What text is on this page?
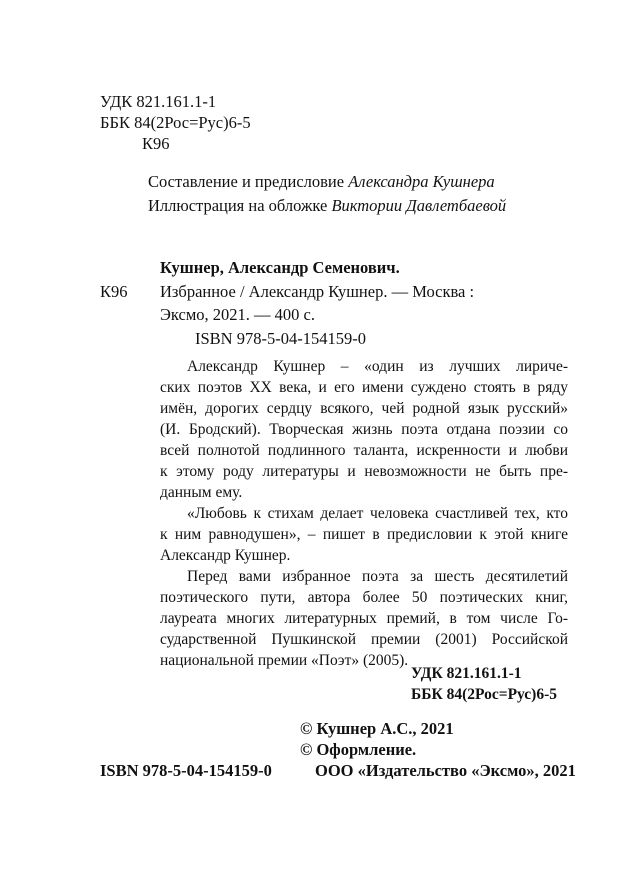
УДК 821.161.1-1
ББК 84(2Рос=Рус)6-5
К96
Составление и предисловие Александра Кушнера
Иллюстрация на обложке Виктории Давлетбаевой
Кушнер, Александр Семенович.
К96 Избранное / Александр Кушнер. — Москва :
Эксмо, 2021. — 400 с.
ISBN 978-5-04-154159-0
Александр Кушнер – «один из лучших лириче-
ских поэтов XX века, и его имени суждено стоять в ряду
имён, дорогих сердцу всякого, чей родной язык русский»
(И. Бродский). Творческая жизнь поэта отдана поэзии со
всей полнотой подлинного таланта, искренности и любви
к этому роду литературы и невозможности не быть пре-
данным ему.
«Любовь к стихам делает человека счастливей тех, кто
к ним равнодушен», – пишет в предисловии к этой книге
Александр Кушнер.
Перед вами избранное поэта за шесть десятилетий
поэтического пути, автора более 50 поэтических книг,
лауреата многих литературных премий, в том числе Го-
сударственной Пушкинской премии (2001) Российской
национальной премии «Поэт» (2005).
УДК 821.161.1-1
ББК 84(2Рос=Рус)6-5
© Кушнер А.С., 2021
© Оформление.
ISBN 978-5-04-154159-0	ООО «Издательство «Эксмо», 2021
